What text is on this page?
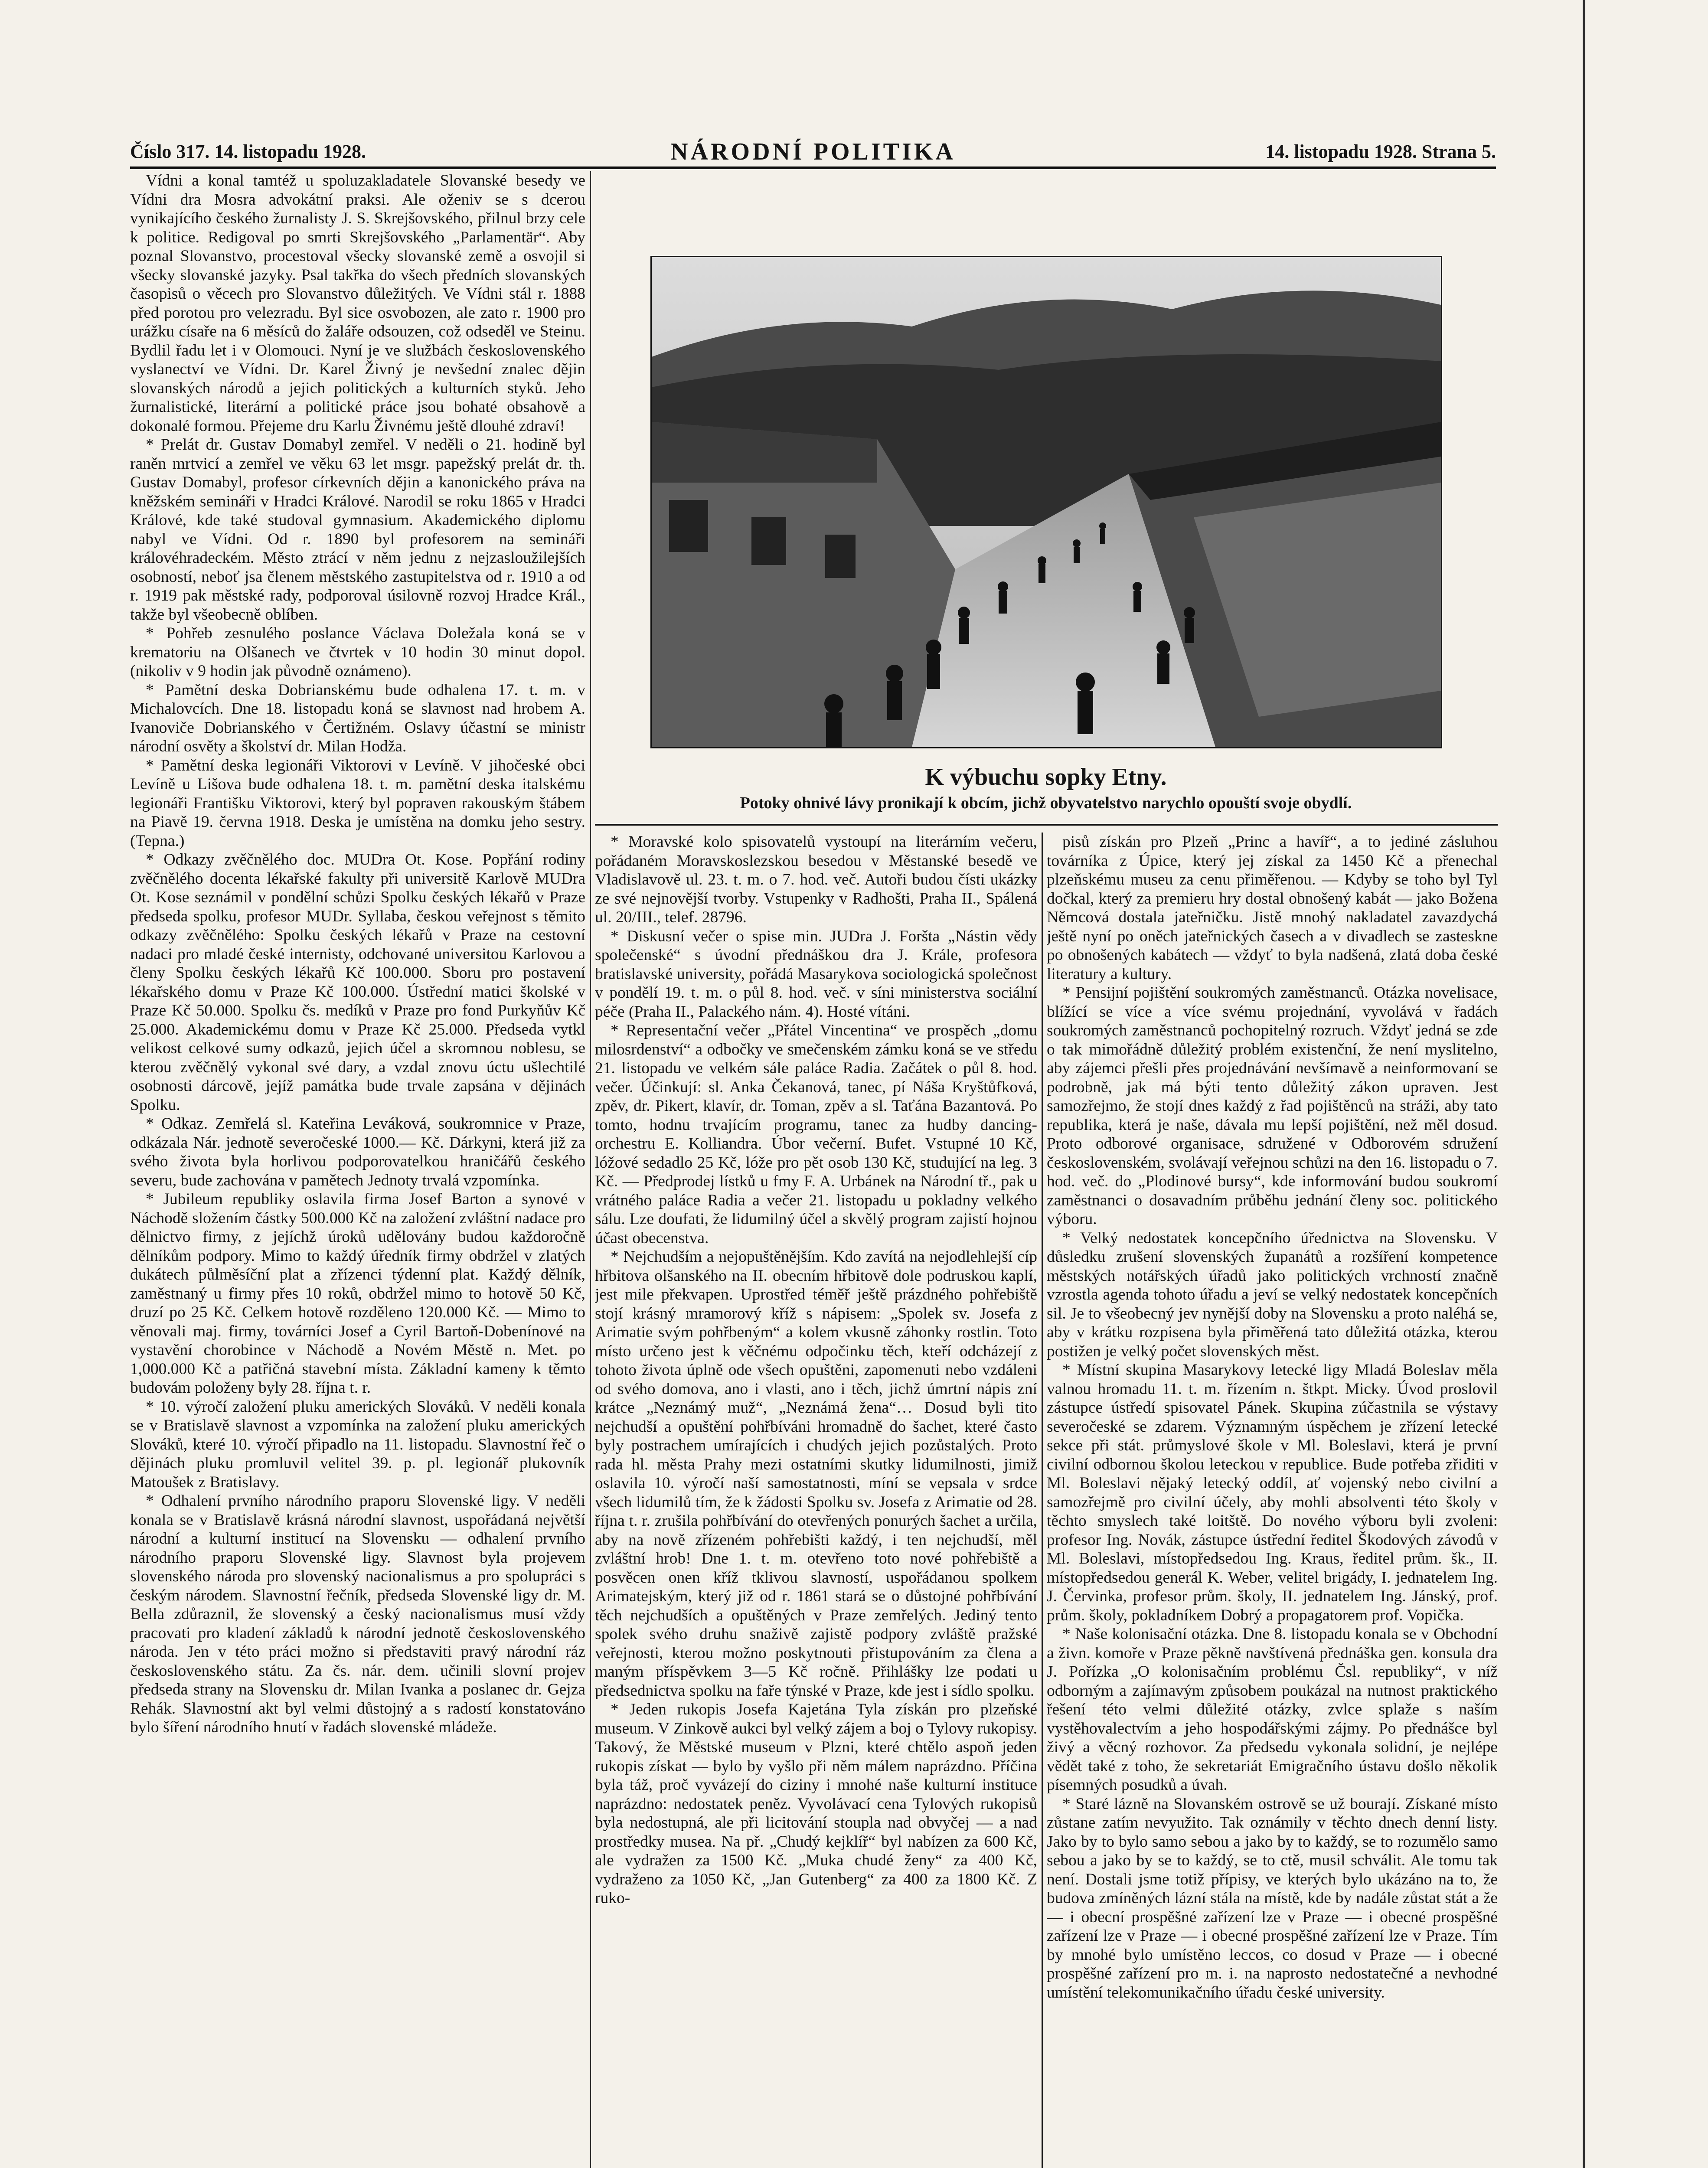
Číslo 317. 14. listopadu 1928.	NÁRODNÍ POLITIKA	14. listopadu 1928. Strana 5.

Vídni a konal tamtéž u spoluzakladatele Slovanské besedy ve Vídni dra Mosra advokátní praksi. Ale oženiv se s dcerou vynikajícího českého žurnalisty J. S. Skrejšovského, přilnul brzy cele k politice. Redigoval po smrti Skrejšovského „Parlamentär“. Aby poznal Slovanstvo, procestoval všecky slovanské země a osvojil si všecky slovanské jazyky. Psal takřka do všech předních slovanských časopisů o věcech pro Slovanstvo důležitých. Ve Vídni stál r. 1888 před porotou pro velezradu. Byl sice osvobozen, ale zato r. 1900 pro urážku císaře na 6 měsíců do žaláře odsouzen, což odseděl ve Steinu. Bydlil řadu let i v Olomouci. Nyní je ve službách československého vyslanectví ve Vídni. Dr. Karel Živný je nevšední znalec dějin slovanských národů a jejich politických a kulturních styků. Jeho žurnalistické, literární a politické práce jsou bohaté obsahově a dokonalé formou. Přejeme dru Karlu Živnému ještě dlouhé zdraví!

* Prelát dr. Gustav Domabyl zemřel. V neděli o 21. hodině byl raněn mrtvicí a zemřel ve věku 63 let msgr. papežský prelát dr. th. Gustav Domabyl, profesor církevních dějin a kanonického práva na kněžském semináři v Hradci Králové. Narodil se roku 1865 v Hradci Králové, kde také studoval gymnasium. Akademického diplomu nabyl ve Vídni. Od r. 1890 byl profesorem na semináři královéhradeckém. Město ztrácí v něm jednu z nejzasloužilejších osobností, neboť jsa členem městského zastupitelstva od r. 1910 a od r. 1919 pak městské rady, podporoval úsilovně rozvoj Hradce Král., takže byl všeobecně oblíben.

* Pohřeb zesnulého poslance Václava Doležala koná se v krematoriu na Olšanech ve čtvrtek v 10 hodin 30 minut dopol. (nikoliv v 9 hodin jak původně oznámeno).

* Pamětní deska Dobrianskému bude odhalena 17. t. m. v Michalovcích. Dne 18. listopadu koná se slavnost nad hrobem A. Ivanoviče Dobrianského v Čertižném. Oslavy účastní se ministr národní osvěty a školství dr. Milan Hodža.

* Pamětní deska legionáři Viktorovi v Levíně. V jihočeské obci Levíně u Lišova bude odhalena 18. t. m. pamětní deska italskému legionáři Františku Viktorovi, který byl popraven rakouským štábem na Piavě 19. června 1918. Deska je umístěna na domku jeho sestry. (Tepna.)

* Odkazy zvěčnělého doc. MUDra Ot. Kose. Popřání rodiny zvěčnělého docenta lékařské fakulty při universitě Karlově MUDra Ot. Kose seznámil v pondělní schůzi Spolku českých lékařů v Praze předseda spolku, profesor MUDr. Syllaba, českou veřejnost s těmito odkazy zvěčnělého: Spolku českých lékařů v Praze na cestovní nadaci pro mladé české internisty, odchované universitou Karlovou a členy Spolku českých lékařů Kč 100.000. Sboru pro postavení lékařského domu v Praze Kč 100.000. Ústřední matici školské v Praze Kč 50.000. Spolku čs. medíků v Praze pro fond Purkyňův Kč 25.000. Akademickému domu v Praze Kč 25.000. Předseda vytkl velikost celkové sumy odkazů, jejich účel a skromnou noblesu, se kterou zvěčnělý vykonal své dary, a vzdal znovu úctu ušlechtilé osobnosti dárcově, jejíž památka bude trvale zapsána v dějinách Spolku.

* Odkaz. Zemřelá sl. Kateřina Leváková, soukromnice v Praze, odkázala Nár. jednotě severočeské 1000.— Kč. Dárkyni, která již za svého života byla horlivou podporovatelkou hraničářů českého severu, bude zachována v pamětech Jednoty trvalá vzpomínka.

* Jubileum republiky oslavila firma Josef Barton a synové v Náchodě složením částky 500.000 Kč na založení zvláštní nadace pro dělnictvo firmy, z jejíchž úroků udělovány budou každoročně dělníkům podpory. Mimo to každý úředník firmy obdržel v zlatých dukátech půlměsíční plat a zřízenci týdenní plat. Každý dělník, zaměstnaný u firmy přes 10 roků, obdržel mimo to hotově 50 Kč, druzí po 25 Kč. Celkem hotově rozděleno 120.000 Kč. — Mimo to věnovali maj. firmy, továrníci Josef a Cyril Bartoň-Dobenínové na vystavění chorobince v Náchodě a Novém Městě n. Met. po 1,000.000 Kč a patřičná stavební místa. Základní kameny k těmto budovám položeny byly 28. října t. r.

* 10. výročí založení pluku amerických Slováků. V neděli konala se v Bratislavě slavnost a vzpomínka na založení pluku amerických Slováků, které 10. výročí připadlo na 11. listopadu. Slavnostní řeč o dějinách pluku promluvil velitel 39. p. pl. legionář plukovník Matoušek z Bratislavy.

* Odhalení prvního národního praporu Slovenské ligy. V neděli konala se v Bratislavě krásná národní slavnost, uspořádaná největší národní a kulturní institucí na Slovensku — odhalení prvního národního praporu Slovenské ligy. Slavnost byla projevem slovenského národa pro slovenský nacionalismus a pro spolupráci s českým národem. Slavnostní řečník, předseda Slovenské ligy dr. M. Bella zdůraznil, že slovenský a český nacionalismus musí vždy pracovati pro kladení základů k národní jednotě československého národa. Jen v této práci možno si představiti pravý národní ráz československého státu. Za čs. nár. dem. učinili slovní projev předseda strany na Slovensku dr. Milan Ivanka a poslanec dr. Gejza Rehák. Slavnostní akt byl velmi důstojný a s radostí konstatováno bylo šíření národního hnutí v řadách slovenské mládeže.

K výbuchu sopky Etny.
Potoky ohnivé lávy pronikají k obcím, jichž obyvatelstvo narychlo opouští svoje obydlí.

* Moravské kolo spisovatelů vystoupí na literárním večeru, pořádaném Moravskoslezskou besedou v Městanské besedě ve Vladislavově ul. 23. t. m. o 7. hod. več. Autoři budou čísti ukázky ze své nejnovější tvorby. Vstupenky v Radhošti, Praha II., Spálená ul. 20/III., telef. 28796.

* Diskusní večer o spise min. JUDra J. Foršta „Nástin vědy společenské“ s úvodní přednáškou dra J. Krále, profesora bratislavské university, pořádá Masarykova sociologická společnost v pondělí 19. t. m. o půl 8. hod. več. v síni ministerstva sociální péče (Praha II., Palackého nám. 4). Hosté vítáni.

* Representační večer „Přátel Vincentina“ ve prospěch „domu milosrdenství“ a odbočky ve smečenském zámku koná se ve středu 21. listopadu ve velkém sále paláce Radia. Začátek o půl 8. hod. večer. Účinkují: sl. Anka Čekanová, tanec, pí Náša Kryštůfková, zpěv, dr. Pikert, klavír, dr. Toman, zpěv a sl. Taťána Bazantová. Po tomto, hodnu trvajícím programu, tanec za hudby dancing-orchestru E. Kolliandra. Úbor večerní. Bufet. Vstupné 10 Kč, lóžové sedadlo 25 Kč, lóže pro pět osob 130 Kč, studující na leg. 3 Kč. — Předprodej lístků u fmy F. A. Urbánek na Národní tř., pak u vrátného paláce Radia a večer 21. listopadu u pokladny velkého sálu. Lze doufati, že lidumilný účel a skvělý program zajistí hojnou účast obecenstva.

* Nejchudším a nejopuštěnějším. Kdo zavítá na nejodlehlejší cíp hřbitova olšanského na II. obecním hřbitově dole podruskou kaplí, jest mile překvapen. Uprostřed téměř ještě prázdného pohřebiště stojí krásný mramorový kříž s nápisem: „Spolek sv. Josefa z Arimatie svým pohřbeným“ a kolem vkusně záhonky rostlin. Toto místo určeno jest k věčnému odpočinku těch, kteří odcházejí z tohoto života úplně ode všech opuštěni, zapomenuti nebo vzdáleni od svého domova, ano i vlasti, ano i těch, jichž úmrtní nápis zní krátce „Neznámý muž“, „Neznámá žena“… Dosud byli tito nejchudší a opuštění pohřbíváni hromadně do šachet, které často byly postrachem umírajících i chudých jejich pozůstalých. Proto rada hl. města Prahy mezi ostatními skutky lidumilnosti, jimiž oslavila 10. výročí naší samostatnosti, míní se vepsala v srdce všech lidumilů tím, že k žádosti Spolku sv. Josefa z Arimatie od 28. října t. r. zrušila pohřbívání do otevřených ponurých šachet a určila, aby na nově zřízeném pohřebišti každý, i ten nejchudší, měl zvláštní hrob! Dne 1. t. m. otevřeno toto nové pohřebiště a posvěcen onen kříž tklivou slavností, uspořádanou spolkem Arimatejským, který již od r. 1861 stará se o důstojné pohřbívání těch nejchudších a opuštěných v Praze zemřelých. Jediný tento spolek svého druhu snaživě zajistě podpory zvláště pražské veřejnosti, kterou možno poskytnouti přistupováním za člena a maným příspěvkem 3—5 Kč ročně. Přihlášky lze podati u předsednictva spolku na faře týnské v Praze, kde jest i sídlo spolku.

* Jeden rukopis Josefa Kajetána Tyla získán pro plzeňské museum. V Zinkově aukci byl velký zájem a boj o Tylovy rukopisy. Takový, že Městské museum v Plzni, které chtělo aspoň jeden rukopis získat — bylo by vyšlo při něm málem naprázdno. Příčina byla táž, proč vyvázejí do ciziny i mnohé naše kulturní instituce naprázdno: nedostatek peněz. Vyvolávací cena Tylových rukopisů byla nedostupná, ale při licitování stoupla nad obvyčej — a nad prostředky musea. Na př. „Chudý kejklíř“ byl nabízen za 600 Kč, ale vydražen za 1500 Kč. „Muka chudé ženy“ za 400 Kč, vydraženo za 1050 Kč, „Jan Gutenberg“ za 400 za 1800 Kč. Z ruko-

pisů získán pro Plzeň „Princ a havíř“, a to jediné zásluhou továrníka z Úpice, který jej získal za 1450 Kč a přenechal plzeňskému museu za cenu přiměřenou. — Kdyby se toho byl Tyl dočkal, který za premieru hry dostal obnošený kabát — jako Božena Němcová dostala jateřničku. Jistě mnohý nakladatel zavazdychá ještě nyní po oněch jateřnických časech a v divadlech se zastesknе po obnošených kabátech — vždyť to byla nadšená, zlatá doba české literatury a kultury.

* Pensijní pojištění soukromých zaměstnanců. Otázka novelisace, blížící se více a více svému projednání, vyvolává v řadách soukromých zaměstnanců pochopitelný rozruch. Vždyť jedná se zde o tak mimořádně důležitý problém existenční, že není myslitelno, aby zájemci přešli přes projednávání nevšímavě a neinformovaní se podrobně, jak má býti tento důležitý zákon upraven. Jest samozřejmo, že stojí dnes každý z řad pojištěnců na stráži, aby tato republika, která je naše, dávala mu lepší pojištění, než měl dosud. Proto odborové organisace, sdružené v Odborovém sdružení československém, svolávají veřejnou schůzi na den 16. listopadu o 7. hod. več. do „Plodinové bursy“, kde informování budou soukromí zaměstnanci o dosavadním průběhu jednání členy soc. politického výboru.

* Velký nedostatek koncepčního úřednictva na Slovensku. V důsledku zrušení slovenských županátů a rozšíření kompetence městských notářských úřadů jako politických vrchností značně vzrostla agenda tohoto úřadu a jeví se velký nedostatek koncepčních sil. Je to všeobecný jev nynější doby na Slovensku a proto naléhá se, aby v krátku rozpisena byla přiměřená tato důležitá otázka, kterou postižen je velký počet slovenských měst.

* Místní skupina Masarykovy letecké ligy Mladá Boleslav měla valnou hromadu 11. t. m. řízením n. štkpt. Micky. Úvod proslovil zástupce ústředí spisovatel Pánek. Skupina zúčastnila se výstavy severočeské se zdarem. Významným úspěchem je zřízení letecké sekce při stát. průmyslové škole v Ml. Boleslavi, která je první civilní odbornou školou leteckou v republice. Bude potřeba zřiditi v Ml. Boleslavi nějaký letecký oddíl, ať vojenský nebo civilní a samozřejmě pro civilní účely, aby mohli absolventi této školy v těchto smyslech také loitště. Do nového výboru byli zvoleni: profesor Ing. Novák, zástupce ústřední ředitel Škodových závodů v Ml. Boleslavi, místopředsedou Ing. Kraus, ředitel prům. šk., II. místopředsedou generál K. Weber, velitel brigády, I. jednatelem Ing. J. Červinka, profesor prům. školy, II. jednatelem Ing. Jánský, prof. prům. školy, pokladníkem Dobrý a propagatorem prof. Vopička.

* Naše kolonisační otázka. Dne 8. listopadu konala se v Obchodní a živn. komoře v Praze pěkně navštívená přednáška gen. konsula dra J. Pořízka „O kolonisačním problému Čsl. republiky“, v níž odborným a zajímavým způsobem poukázal na nutnost praktického řešení této velmi důležité otázky, zvlce splaže s naším vystěhovalectvím a jeho hospodářskými zájmy. Po přednášce byl živý a věcný rozhovor. Za předsedu vykonala solidní, je nejlépe vědět také z toho, že sekretariát Emigračního ústavu došlo několik písemných posudků a úvah.

* Staré lázně na Slovanském ostrově se už bourají. Získané místo zůstane zatím nevyužito. Tak oznámily v těchto dnech denní listy. Jako by to bylo samo sebou a jako by to každý, se to rozumělo samo sebou a jako by se to každý, se to ctě, musil schválit. Ale tomu tak není. Dostali jsme totiž přípisy, ve kterých bylo ukázáno na to, že budova zmíněných lázní stála na místě, kde by nadále zůstat stát a že — i obecní prospěšné zařízení lze v Praze — i obecné prospěšné zařízení lze v Praze — i obecné prospěšné zařízení lze v Praze. Tím by mnohé bylo umístěno leccos, co dosud v Praze — i obecné prospěšné zařízení pro m. i. na naprosto nedostatečné a nevhodné umístění telekomunikačního úřadu české university.
